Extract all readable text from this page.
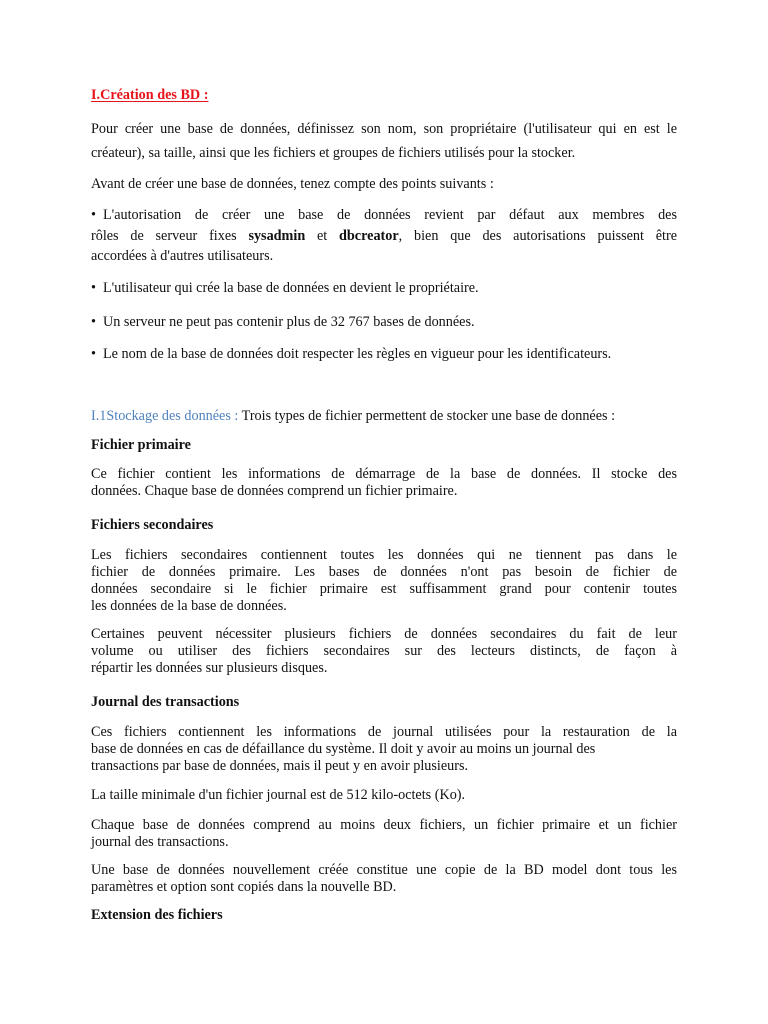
I.Création des BD :
Pour créer une base de données, définissez son nom, son propriétaire (l'utilisateur qui en est le
créateur), sa taille, ainsi que les fichiers et groupes de fichiers utilisés pour la stocker.
Avant de créer une base de données, tenez compte des points suivants :
• L'autorisation de créer une base de données revient par défaut aux membres des
rôles de serveur fixes sysadmin et dbcreator, bien que des autorisations puissent être
accordées à d'autres utilisateurs.
• L'utilisateur qui crée la base de données en devient le propriétaire.
• Un serveur ne peut pas contenir plus de 32 767 bases de données.
• Le nom de la base de données doit respecter les règles en vigueur pour les identificateurs.
I.1Stockage des données : Trois types de fichier permettent de stocker une base de données :
Fichier primaire
Ce fichier contient les informations de démarrage de la base de données. Il stocke des
données. Chaque base de données comprend un fichier primaire.
Fichiers secondaires
Les fichiers secondaires contiennent toutes les données qui ne tiennent pas dans le
fichier de données primaire. Les bases de données n'ont pas besoin de fichier de
données secondaire si le fichier primaire est suffisamment grand pour contenir toutes
les données de la base de données.
Certaines peuvent nécessiter plusieurs fichiers de données secondaires du fait de leur
volume ou utiliser des fichiers secondaires sur des lecteurs distincts, de façon à
répartir les données sur plusieurs disques.
Journal des transactions
Ces fichiers contiennent les informations de journal utilisées pour la restauration de la
base de données en cas de défaillance du système. Il doit y avoir au moins un journal des
transactions par base de données, mais il peut y en avoir plusieurs.
La taille minimale d'un fichier journal est de 512 kilo-octets (Ko).
Chaque base de données comprend au moins deux fichiers, un fichier primaire et un fichier
journal des transactions.
Une base de données nouvellement crééе constitue une copie de la BD model dont tous les
paramètres et option sont copiés dans la nouvelle BD.
Extension des fichiers
